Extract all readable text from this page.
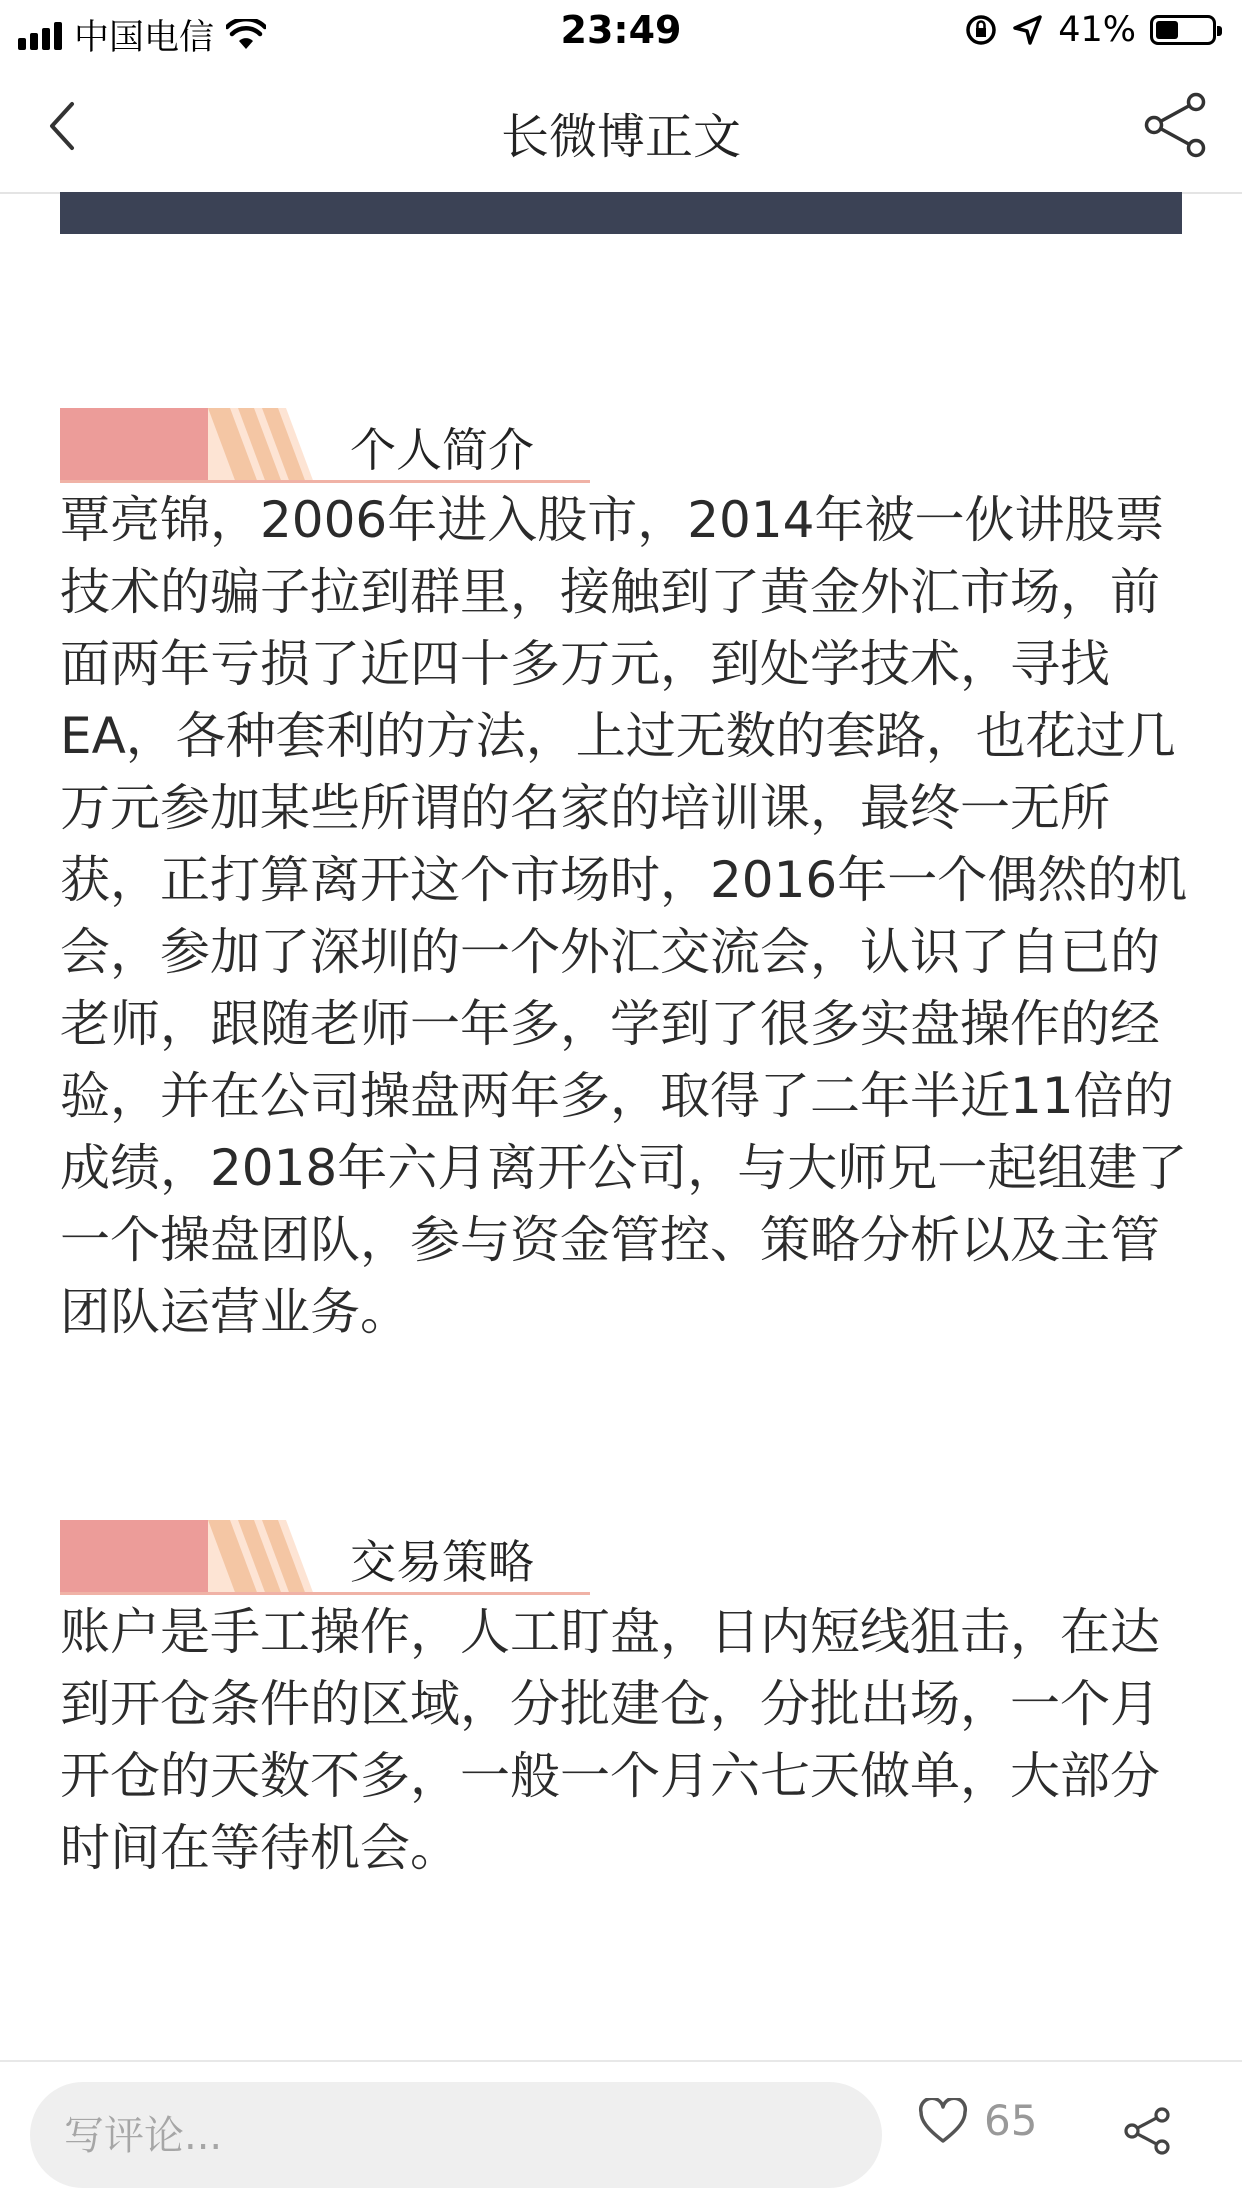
中国电信	23:49	41%
长微博正文
个人简介

覃亮锦，2006年进入股市，2014年被一伙讲股票技术的骗子拉到群里，接触到了黄金外汇市场，前面两年亏损了近四十多万元，到处学技术，寻找EA，各种套利的方法，上过无数的套路，也花过几万元参加某些所谓的名家的培训课，最终一无所获，正打算离开这个市场时，2016年一个偶然的机会，参加了深圳的一个外汇交流会，认识了自已的老师，跟随老师一年多，学到了很多实盘操作的经验，并在公司操盘两年多，取得了二年半近11倍的成绩，2018年六月离开公司，与大师兄一起组建了一个操盘团队，参与资金管控、策略分析以及主管团队运营业务。

交易策略

账户是手工操作，人工盯盘，日内短线狙击，在达到开仓条件的区域，分批建仓，分批出场，一个月开仓的天数不多，一般一个月六七天做单，大部分时间在等待机会。

写评论...
65
